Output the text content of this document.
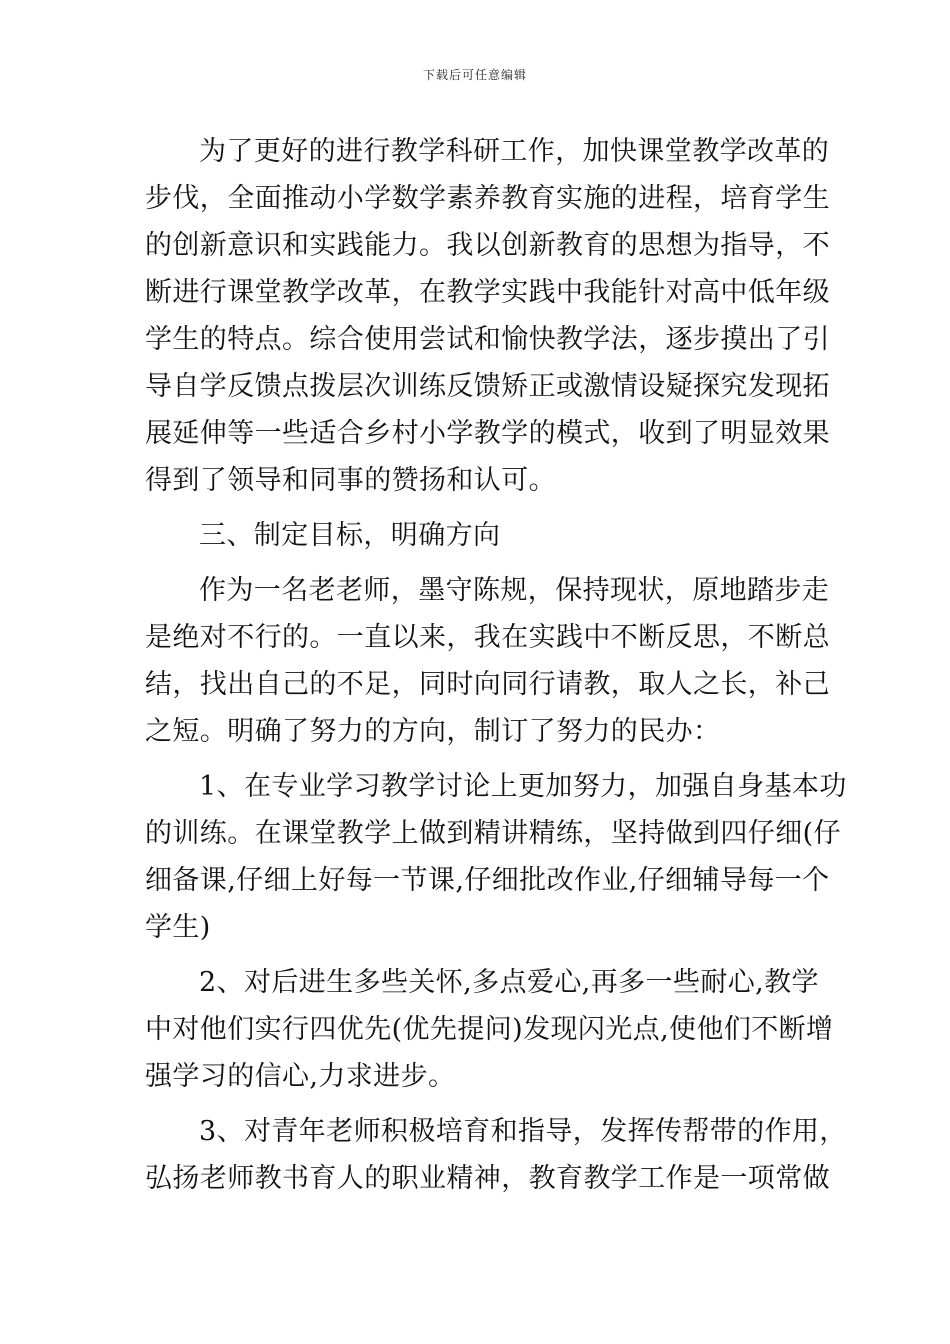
下载后可任意编辑
为了更好的进行教学科研工作，加快课堂教学改革的
步伐，全面推动小学数学素养教育实施的进程，培育学生
的创新意识和实践能力。我以创新教育的思想为指导，不
断进行课堂教学改革，在教学实践中我能针对高中低年级
学生的特点。综合使用尝试和愉快教学法，逐步摸出了引
导自学反馈点拨层次训练反馈矫正或激情设疑探究发现拓
展延伸等一些适合乡村小学教学的模式，收到了明显效果
得到了领导和同事的赞扬和认可。
三、制定目标，明确方向
作为一名老老师，墨守陈规，保持现状，原地踏步走
是绝对不行的。一直以来，我在实践中不断反思，不断总
结，找出自己的不足，同时向同行请教，取人之长，补己
之短。明确了努力的方向，制订了努力的民办：
1、在专业学习教学讨论上更加努力，加强自身基本功
的训练。在课堂教学上做到精讲精练，坚持做到四仔细(仔
细备课,仔细上好每一节课,仔细批改作业,仔细辅导每一个
学生)
2、对后进生多些关怀,多点爱心,再多一些耐心,教学
中对他们实行四优先(优先提问)发现闪光点,使他们不断增
强学习的信心,力求进步。
3、对青年老师积极培育和指导，发挥传帮带的作用，
弘扬老师教书育人的职业精神，教育教学工作是一项常做
